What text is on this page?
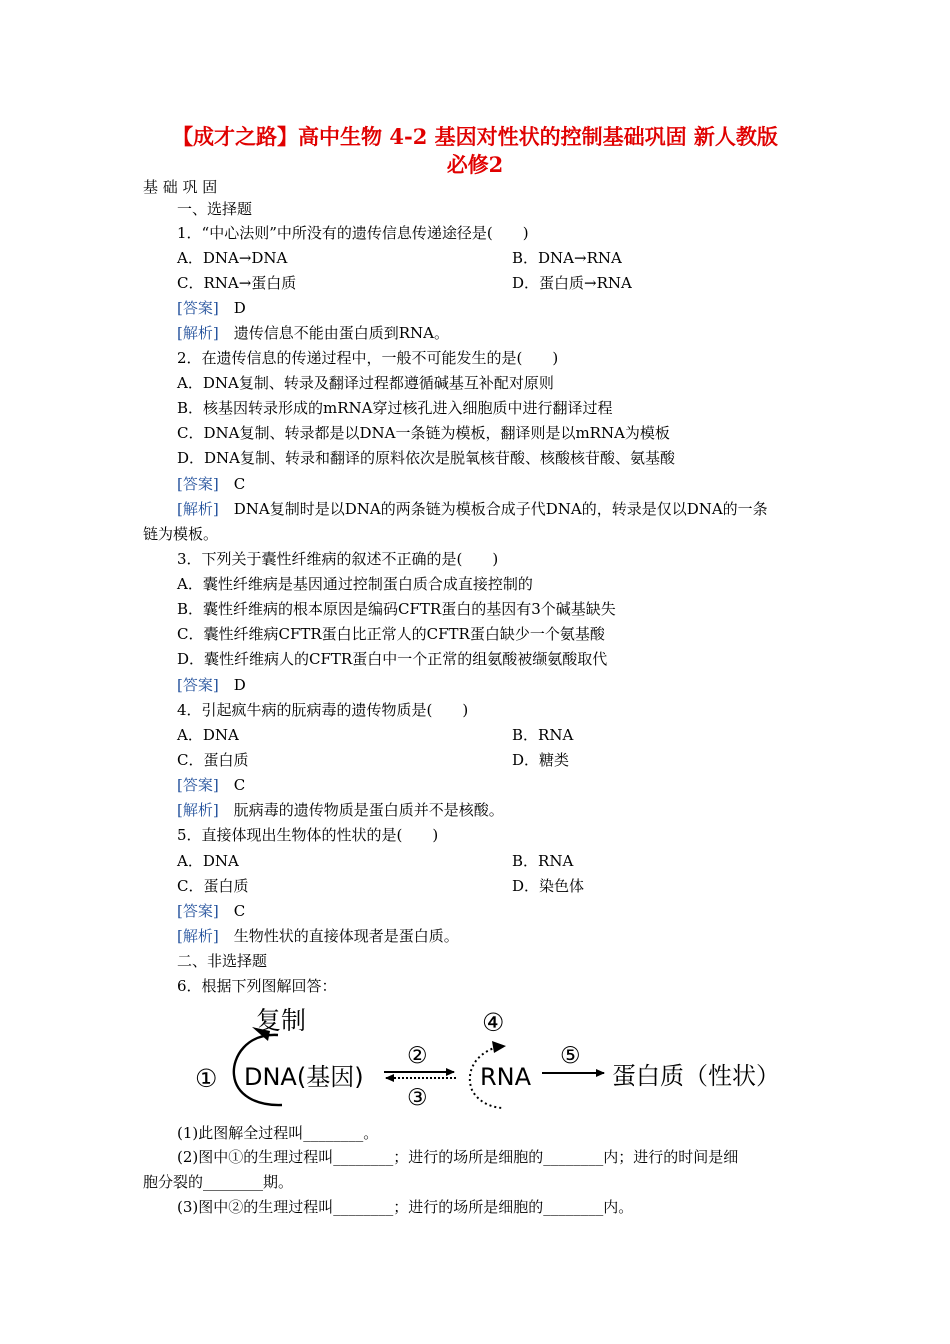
【成才之路】高中生物 4-2 基因对性状的控制基础巩固 新人教版
必修2
基 础 巩 固
一、选择题
1．“中心法则”中所没有的遗传信息传递途径是(　　)
A．DNA→DNA	B．DNA→RNA
C．RNA→蛋白质	D．蛋白质→RNA
[答案]　 D
[解析]　 遗传信息不能由蛋白质到RNA。
2．在遗传信息的传递过程中，一般不可能发生的是(　　)
A．DNA复制、转录及翻译过程都遵循碱基互补配对原则
B．核基因转录形成的mRNA穿过核孔进入细胞质中进行翻译过程
C．DNA复制、转录都是以DNA一条链为模板，翻译则是以mRNA为模板
D．DNA复制、转录和翻译的原料依次是脱氧核苷酸、核酸核苷酸、氨基酸
[答案]　 C
[解析]　 DNA复制时是以DNA的两条链为模板合成子代DNA的，转录是仅以DNA的一条
链为模板。
3．下列关于囊性纤维病的叙述不正确的是(　　)
A．囊性纤维病是基因通过控制蛋白质合成直接控制的
B．囊性纤维病的根本原因是编码CFTR蛋白的基因有3个碱基缺失
C．囊性纤维病CFTR蛋白比正常人的CFTR蛋白缺少一个氨基酸
D．囊性纤维病人的CFTR蛋白中一个正常的组氨酸被缬氨酸取代
[答案]　 D
4．引起疯牛病的朊病毒的遗传物质是(　　)
A．DNA	B．RNA
C．蛋白质	D．糖类
[答案]　 C
[解析]　 朊病毒的遗传物质是蛋白质并不是核酸。
5．直接体现出生物体的性状的是(　　)
A．DNA	B．RNA
C．蛋白质	D．染色体
[答案]　 C
[解析]　 生物性状的直接体现者是蛋白质。
二、非选择题
6．根据下列图解回答：
复制
① DNA(基因)
②
③
④
RNA
⑤
蛋白质（性状）
(1)此图解全过程叫________。
(2)图中①的生理过程叫________；进行的场所是细胞的________内；进行的时间是细
胞分裂的________期。
(3)图中②的生理过程叫________；进行的场所是细胞的________内。
